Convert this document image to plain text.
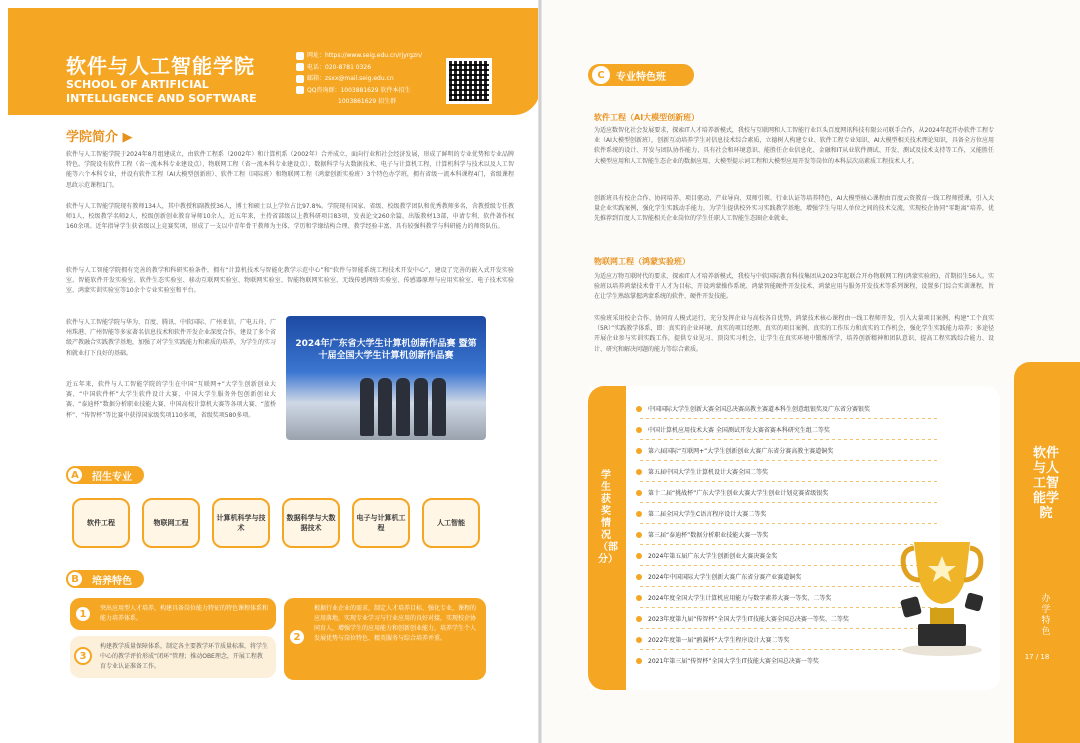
软件与人工智能学院
SCHOOL OF ARTIFICIAL INTELLIGENCE AND SOFTWARE
网址：https://www.seig.edu.cn/rjyrgzn/
电话：020-8781 0326
邮箱：zsxx@mail.seig.edu.cn
QQ咨询群：1003881629 软件本招生
1003861629 招生群
学院简介 ▶
软件与人工智能学院于2024年8月组建成立，由软件工程系（2002年）和计算机系（2002年）合并成立，面向行业和社会经济发展，形成了鲜明的专业优势和专业品牌特色。学院设有软件工程（省一流本科专业建设点）、物联网工程（省一流本科专业建设点）、数据科学与大数据技术、电子与计算机工程、计算机科学与技术以及人工智能等六个本科专业，并设有软件工程（AI大模型创新班）、软件工程（国际班）和物联网工程（鸿蒙创新实验班）3个特色办学班，拥有省级一流本科课程4门，省级课程思政示范课程1门。
软件与人工智能学院现有教师134人，其中教授和副教授36人，博士和硕士以上学位占比97.8%。学院现有国家、省级、校级教学团队和优秀教师多名，含教授级专任教师1人，校级教学名师2人，校级创新创业教育导师10余人，近五年来，主持省部级以上教科研项目83项，发表论文260余篇，出版教材13部，申请专利、软件著作权160余项。近年指导学生获省级以上竞赛奖项，形成了一支以中青年骨干教师为主体、学历和学缘结构合理、教学经验丰富、具有较强科教学与科研能力的师资队伍。
软件与人工智能学院拥有完善的教学和科研实验条件，拥有“计算机技术与智能化教学示范中心”和“软件与智能系统工程技术开发中心”，建设了完善的嵌入式开发实验室、智能软件开发实验室、软件生态实验室、移动互联网实验室、物联网实验室、智能物联网实验室、无线传感网络实验室、传感器原理与应用实验室、电子技术实验室、鸿蒙实训实验室等10余个专业实验室和平台。
软件与人工智能学院与华为、百度、腾讯、中软国际、广州亚信、广电五舟、广州珠港、广州智能等多家著名信息技术和软件开发企业深度合作，建设了多个省级产教融合实践教学基地，加强了对学生实践能力和素质的培养，为学生的实习和就业打下良好的基础。
近五年来，软件与人工智能学院的学生在中国“互联网+”大学生创新创业大赛、“中国软件杯”大学生软件设计大赛、中国大学生服务外包创新创业大赛、“泰迪杯”数据分析职业技能大赛、中国高校计算机大赛等各项大赛、“蓝桥杯”、“传智杯”等比赛中获得国家级奖项110多项，省级奖项580多项。
2024年广东省大学生计算机创新作品赛 暨第十届全国大学生计算机创新作品赛
招生专业
A
软件工程	物联网工程
计算机科学与技术
数据科学与大数据技术
电子与计算机工程
人工智能
培养特色
B
突出应用型人才培养，构建具备岗位能力特征的特色课程体系和能力培养体系。
1	根据行业企业的需求，制定人才培养目标、强化专业，课程的应用落地，实现专业学习与行业应用的良好对接，实现校企协同育人，增强学生的应用能力和创新创业能力，培养学生个人发展优势与岗位特色、精英服务与综合培养并重。
2
构建教学质量保障体系，制定各主要教学环节质量标准，将学生中心的教学评价形成“闭环”管理；推动OBE理念，开展工程教育专业认证准备工作。
3
专业特色班
C
软件工程（AI大模型创新班）
为适应数智化社会发展要求，探索IT人才培养新模式，我校与互联网和人工智能行业巨头百度网讯科技有限公司联手合作，从2024年起开办软件工程专业（AI大模型创新班），创新互动培养学生对信息技术综合素质，立德树人构建专业、软件工程专业知识、AI大模型相关技术理论知识，具备全方位应用软件系统的设计、开发与团队协作能力，具有社会和环境意识、能胜任企业信息化、金融和IT从业软件测试、开发、测试及技术支持等工作，又能胜任大模型应用和人工智能生态企业的数据应用、大模型提示词工程和大模型应用开发等岗位的本科层次高素质工程技术人才。
创新班具有校企合作、协同培养、项目驱动、产业导向、双师引领、行业认证等培养特色，AI大模型核心课程由百度云资教育一线工程师授课，引入大量企业实践案例，强化学生实践动手能力，为学生提供校外实习实践教学基地，增强学生与用人单位之间的技术交流，实现校企协同“零距离”培养，优先推荐到百度人工智能相关企业岗位的学生任职人工智能生态圈企业就业。
物联网工程（鸿蒙实验班）
为适应万物互联时代的要求，探索IT人才培养新模式，我校与中软国际教育科技集团从2023年起联合开办物联网工程(鸿蒙实验班)，首期招生56人。实验班以培养鸿蒙技术骨干人才为目标，开设鸿蒙操作系统、鸿蒙智能硬件开发技术、鸿蒙应用与服务开发技术等系列课程，设置多门综合实训课程，旨在让学生熟练掌握鸿蒙系统的软件、硬件开发技能。
实验班采用校企合作、协同育人模式运行，充分发挥企业与高校各自优势，鸿蒙技术核心课程由一线工程师开发，引入大量项目案例，构建“工个真实（5R）”实践教学体系，即：真实的企业环境、真实的项目经理、真实的项目案例、真实的工作压力和真实的工作机会，强化学生实践能力培养；多途径开展企业参与实训实践工作，提供专业见习、顶岗实习机会，让学生在真实环境中锻炼所学，培养创新精神和团队意识，提高工程实践综合能力、设计、研究和解决问题的能力等综合素质。
学生获奖情况（部分）
中国国际大学生创新大赛全国总决赛高教主赛道本科生创意组银奖及广东省分赛银奖
中国计算机应用技术大赛 全国测试开发大赛省赛本科研究生组二等奖
第六届国际“互联网+”大学生创新创业大赛广东省分赛高教主赛道铜奖
第五届中国大学生计算机设计大赛全国二等奖
第十二届“挑战杯”广东大学生创业大赛大学生创业计划竞赛省级银奖
第二届全国大学生C语言程序设计大赛二等奖
第三届“泰迪杯”数据分析职业技能大赛一等奖
2024年第五届广东大学生创新创业大赛决赛金奖
2024年中国国际大学生创新大赛广东省分赛产业赛道铜奖
2024年度全国大学生计算机应用能力与数字素养大赛一等奖、二等奖
2023年度第九届“传智杯”全国大学生IT技能大赛全国总决赛一等奖、二等奖
2022年度第一届“鸥翼杯”大学生程序设计大赛二等奖
2021年第三届“传智杯”全国大学生IT技能大赛全国总决赛一等奖
软件与人工智能学院
办学特色
17 / 18
